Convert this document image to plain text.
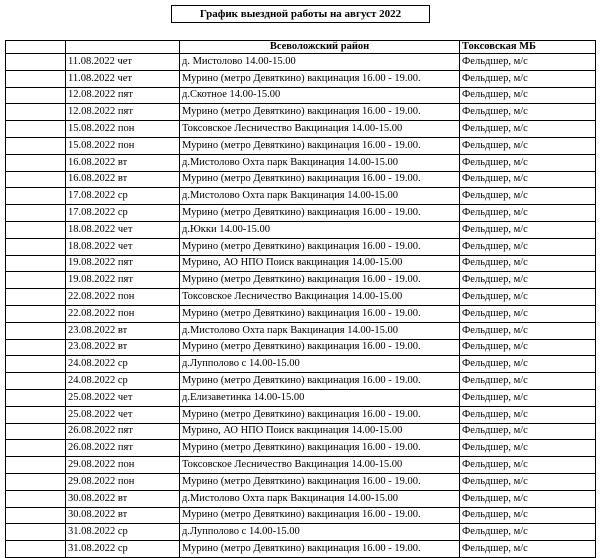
График выездной работы на август 2022
		Всеволожский район	Токсовская МБ
	11.08.2022 чет	д. Мистолово 14.00-15.00	Фельдшер, м/с
	11.08.2022 чет	Мурино (метро Девяткино) вакцинация 16.00 - 19.00.	Фельдшер, м/с
	12.08.2022 пят	д.Скотное 14.00-15.00	Фельдшер, м/с
	12.08.2022 пят	Мурино (метро Девяткино) вакцинация 16.00 - 19.00.	Фельдшер, м/с
	15.08.2022 пон	Токсовское Лесничество Вакцинация 14.00-15.00	Фельдшер, м/с
	15.08.2022 пон	Мурино (метро Девяткино) вакцинация 16.00 - 19.00.	Фельдшер, м/с
	16.08.2022 вт	д.Мистолово Охта парк Вакцинация 14.00-15.00	Фельдшер, м/с
	16.08.2022 вт	Мурино (метро Девяткино) вакцинация 16.00 - 19.00.	Фельдшер, м/с
	17.08.2022 ср	д.Мистолово Охта парк Вакцинация 14.00-15.00	Фельдшер, м/с
	17.08.2022 ср	Мурино (метро Девяткино) вакцинация 16.00 - 19.00.	Фельдшер, м/с
	18.08.2022 чет	д.Юкки 14.00-15.00	Фельдшер, м/с
	18.08.2022 чет	Мурино (метро Девяткино) вакцинация 16.00 - 19.00.	Фельдшер, м/с
	19.08.2022 пят	Мурино, АО НПО Поиск вакцинация 14.00-15.00	Фельдшер, м/с
	19.08.2022 пят	Мурино (метро Девяткино) вакцинация 16.00 - 19.00.	Фельдшер, м/с
	22.08.2022 пон	Токсовское Лесничество Вакцинация 14.00-15.00	Фельдшер, м/с
	22.08.2022 пон	Мурино (метро Девяткино) вакцинация 16.00 - 19.00.	Фельдшер, м/с
	23.08.2022 вт	д.Мистолово Охта парк Вакцинация 14.00-15.00	Фельдшер, м/с
	23.08.2022 вт	Мурино (метро Девяткино) вакцинация 16.00 - 19.00.	Фельдшер, м/с
	24.08.2022 ср	д.Лупполово с 14.00-15.00	Фельдшер, м/с
	24.08.2022 ср	Мурино (метро Девяткино) вакцинация 16.00 - 19.00.	Фельдшер, м/с
	25.08.2022 чет	д.Елизаветинка 14.00-15.00	Фельдшер, м/с
	25.08.2022 чет	Мурино (метро Девяткино) вакцинация 16.00 - 19.00.	Фельдшер, м/с
	26.08.2022 пят	Мурино, АО НПО Поиск вакцинация 14.00-15.00	Фельдшер, м/с
	26.08.2022 пят	Мурино (метро Девяткино) вакцинация 16.00 - 19.00.	Фельдшер, м/с
	29.08.2022 пон	Токсовское Лесничество Вакцинация 14.00-15.00	Фельдшер, м/с
	29.08.2022 пон	Мурино (метро Девяткино) вакцинация 16.00 - 19.00.	Фельдшер, м/с
	30.08.2022 вт	д.Мистолово Охта парк Вакцинация 14.00-15.00	Фельдшер, м/с
	30.08.2022 вт	Мурино (метро Девяткино) вакцинация 16.00 - 19.00.	Фельдшер, м/с
	31.08.2022 ср	д.Лупполово с 14.00-15.00	Фельдшер, м/с
	31.08.2022 ср	Мурино (метро Девяткино) вакцинация 16.00 - 19.00.	Фельдшер, м/с
